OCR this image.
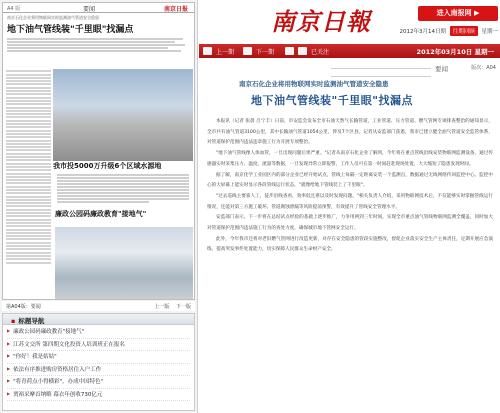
A4 版	要闻	南京日报
南京石化企业将用物联网实时监测油气管道安全隐患
地下油气管线装"千里眼"找漏点
我市投5000万升级6个区域水源地
廉政公园码廉政教育"接地气"
第A04版：要闻	上一版 下一版
▪ 标题导航
▶ 廉政公园码廉政教育"接地气"
▶ 江苏文交所 第四期文化投资人培训班正在报名
▶ "你好！我是姑姑"
▶ 依法有序推进购房资格居住入户工作
▶ "将青荷点小得横彩"，办成中国特色"
▶ 贾裕采摩首纳略 幕衣年创收730亿元
南京日報	进入南报网 ▶
2012年3月14日期 往期回顾 星期一
上一期	下一期	已关注	2012年03月10日 星期一
要闻	版次：A04
南京石化企业将用物联网实时监测油气管道安全隐患
地下油气管线装"千里眼"找漏点

本报讯（记者 张晨 吕宁丰）日前，市安监会发布全市石油天然气长输管道、工业管道、压力管道、燃气管网专项排查整治的通知显示，全市共有油气管道3100公里，其中长输油气管道1054公里，涉及7个区县。记者从安监部门获悉，我市已建立健全油气管道安全监管体系，对管道保护范围内违法违章施工行为开展专项整治。

"地下油气管线像人体血管，一旦出现问题后果严重。"记者从南京石化企业了解到，今年将在重点管线沿线安装物联网监测设备，通过传感器实时采集压力、温度、流量等数据，一旦发现异常立即报警，工作人员可在第一时间赶赴现场处置，大大缩短了隐患发现时间。

据了解，南京化学工业园区内的部分企业已经开始试点，管线上每隔一定距离安装一个监测点，数据通过无线网络传回监控中心。监控中心的大屏幕上能实时显示各段管线运行状态，"就像给地下管线装上了千里眼"。

"过去巡线主要靠人工，徒步沿线查看，效率低且难以及时发现问题。"相关负责人介绍，采用物联网技术后，不仅能够实时掌握管线运行情况，还能对第三方施工破坏、管道腐蚀泄漏等风险提前预警，有效提升了管线安全管理水平。

安监部门表示，下一步将在总结试点经验的基础上逐步推广，力争用两到三年时间，实现全市重点油气管线物联网监测全覆盖，同时加大对管道保护范围内违法施工行为的查处力度，确保城市地下管网安全运行。

此外，今年我市还将对老旧燃气管网进行改造更新，对存在安全隐患的管段实施整改，督促企业落实安全生产主体责任，定期开展应急演练，提高突发事件处置能力，切实保障人民群众生命财产安全。
